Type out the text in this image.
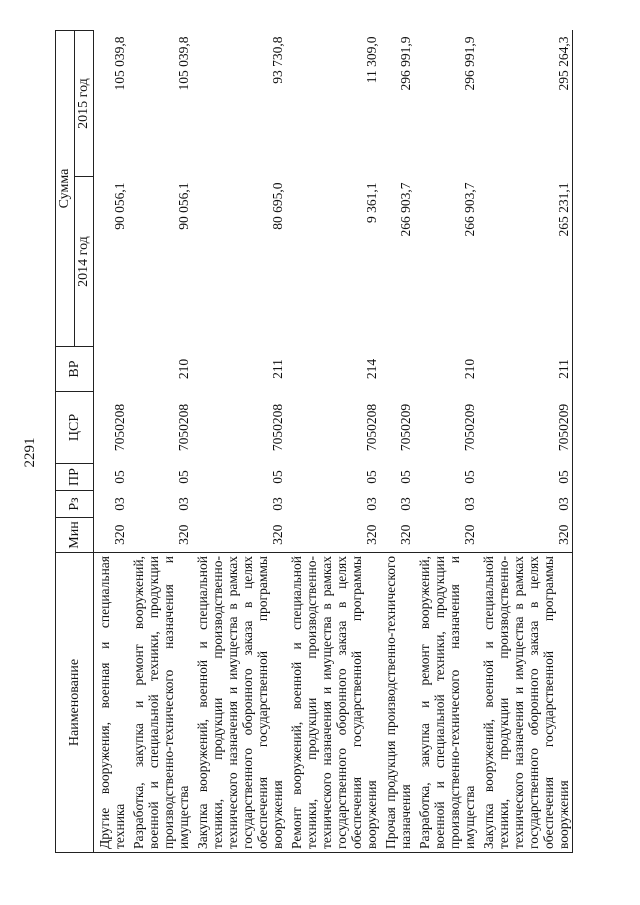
2291
Наименование	Мин	Рз	ПР	ЦСР	ВР	Сумма	
						2014 год	2015 год
Другие вооружения, военная и специальная техника	320	03	05	7050208		90 056,1	105 039,8
Разработка, закупка и ремонт вооружений, военной и специальной техники, продукции производственно-технического назначения и имущества	320	03	05	7050208	210	90 056,1	105 039,8
Закупка вооружений, военной и специальной техники, продукции производственно-технического назначения и имущества в рамках государственного оборонного заказа в целях обеспечения государственной программы вооружения	320	03	05	7050208	211	80 695,0	93 730,8
Ремонт вооружений, военной и специальной техники, продукции производственно-технического назначения и имущества в рамках государственного оборонного заказа в целях обеспечения государственной программы вооружения	320	03	05	7050208	214	9 361,1	11 309,0
Прочая продукция производственно-технического назначения	320	03	05	7050209		266 903,7	296 991,9
Разработка, закупка и ремонт вооружений, военной и специальной техники, продукции производственно-технического назначения и имущества	320	03	05	7050209	210	266 903,7	296 991,9
Закупка вооружений, военной и специальной техники, продукции производственно-технического назначения и имущества в рамках государственного оборонного заказа в целях обеспечения государственной программы вооружения	320	03	05	7050209	211	265 231,1	295 264,3
